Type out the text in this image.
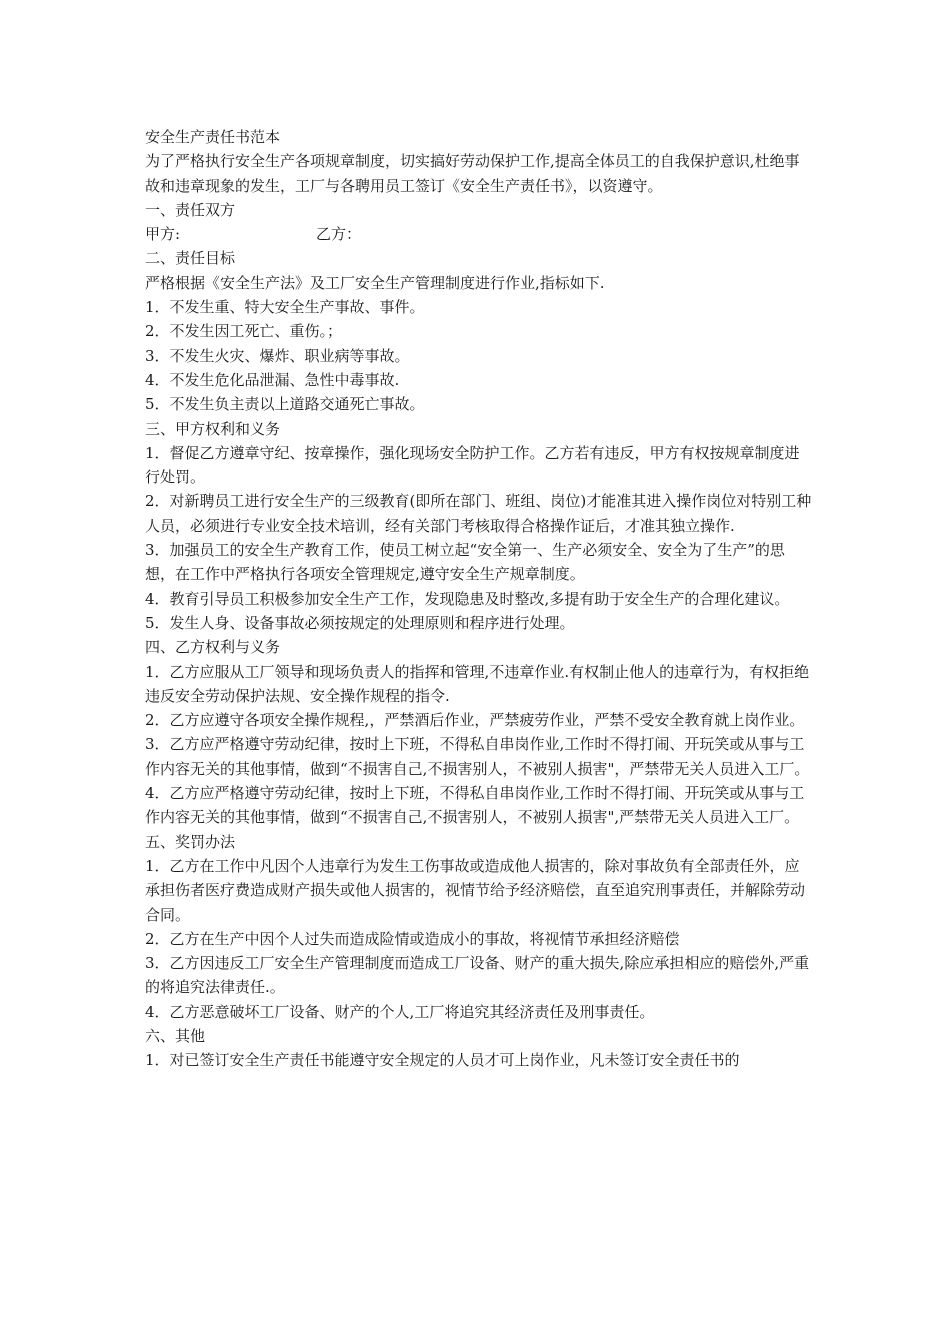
安全生产责任书范本
为了严格执行安全生产各项规章制度，切实搞好劳动保护工作,提高全体员工的自我保护意识,杜绝事故和违章现象的发生，工厂与各聘用员工签订《安全生产责任书》，以资遵守。
一、责任双方
甲方:	乙方：
二、责任目标
严格根据《安全生产法》及工厂安全生产管理制度进行作业,指标如下.
1．不发生重、特大安全生产事故、事件。
2．不发生因工死亡、重伤。；
3．不发生火灾、爆炸、职业病等事故。
4．不发生危化品泄漏、急性中毒事故.
5．不发生负主责以上道路交通死亡事故。
三、甲方权利和义务
1．督促乙方遵章守纪、按章操作，强化现场安全防护工作。乙方若有违反，甲方有权按规章制度进行处罚。
2．对新聘员工进行安全生产的三级教育(即所在部门、班组、岗位)才能准其进入操作岗位对特别工种人员，必须进行专业安全技术培训，经有关部门考核取得合格操作证后，才准其独立操作.
3．加强员工的安全生产教育工作，使员工树立起“安全第一、生产必须安全、安全为了生产”的思想，在工作中严格执行各项安全管理规定,遵守安全生产规章制度。
4．教育引导员工积极参加安全生产工作，发现隐患及时整改,多提有助于安全生产的合理化建议。
5．发生人身、设备事故必须按规定的处理原则和程序进行处理。
四、乙方权利与义务
1．乙方应服从工厂领导和现场负责人的指挥和管理,不违章作业.有权制止他人的违章行为，有权拒绝违反安全劳动保护法规、安全操作规程的指令.
2．乙方应遵守各项安全操作规程,，严禁酒后作业，严禁疲劳作业，严禁不受安全教育就上岗作业。
3．乙方应严格遵守劳动纪律，按时上下班，不得私自串岗作业,工作时不得打闹、开玩笑或从事与工作内容无关的其他事情，做到“不损害自己,不损害别人，不被别人损害"，严禁带无关人员进入工厂。
4．乙方应严格遵守劳动纪律，按时上下班，不得私自串岗作业,工作时不得打闹、开玩笑或从事与工作内容无关的其他事情，做到“不损害自己,不损害别人，不被别人损害",严禁带无关人员进入工厂。
五、奖罚办法
1．乙方在工作中凡因个人违章行为发生工伤事故或造成他人损害的，除对事故负有全部责任外，应承担伤者医疗费造成财产损失或他人损害的，视情节给予经济赔偿，直至追究刑事责任，并解除劳动合同。
2．乙方在生产中因个人过失而造成险情或造成小的事故，将视情节承担经济赔偿
3．乙方因违反工厂安全生产管理制度而造成工厂设备、财产的重大损失,除应承担相应的赔偿外,严重的将追究法律责任.。
4．乙方恶意破坏工厂设备、财产的个人,工厂将追究其经济责任及刑事责任。
六、其他
1．对已签订安全生产责任书能遵守安全规定的人员才可上岗作业，凡未签订安全责任书的
